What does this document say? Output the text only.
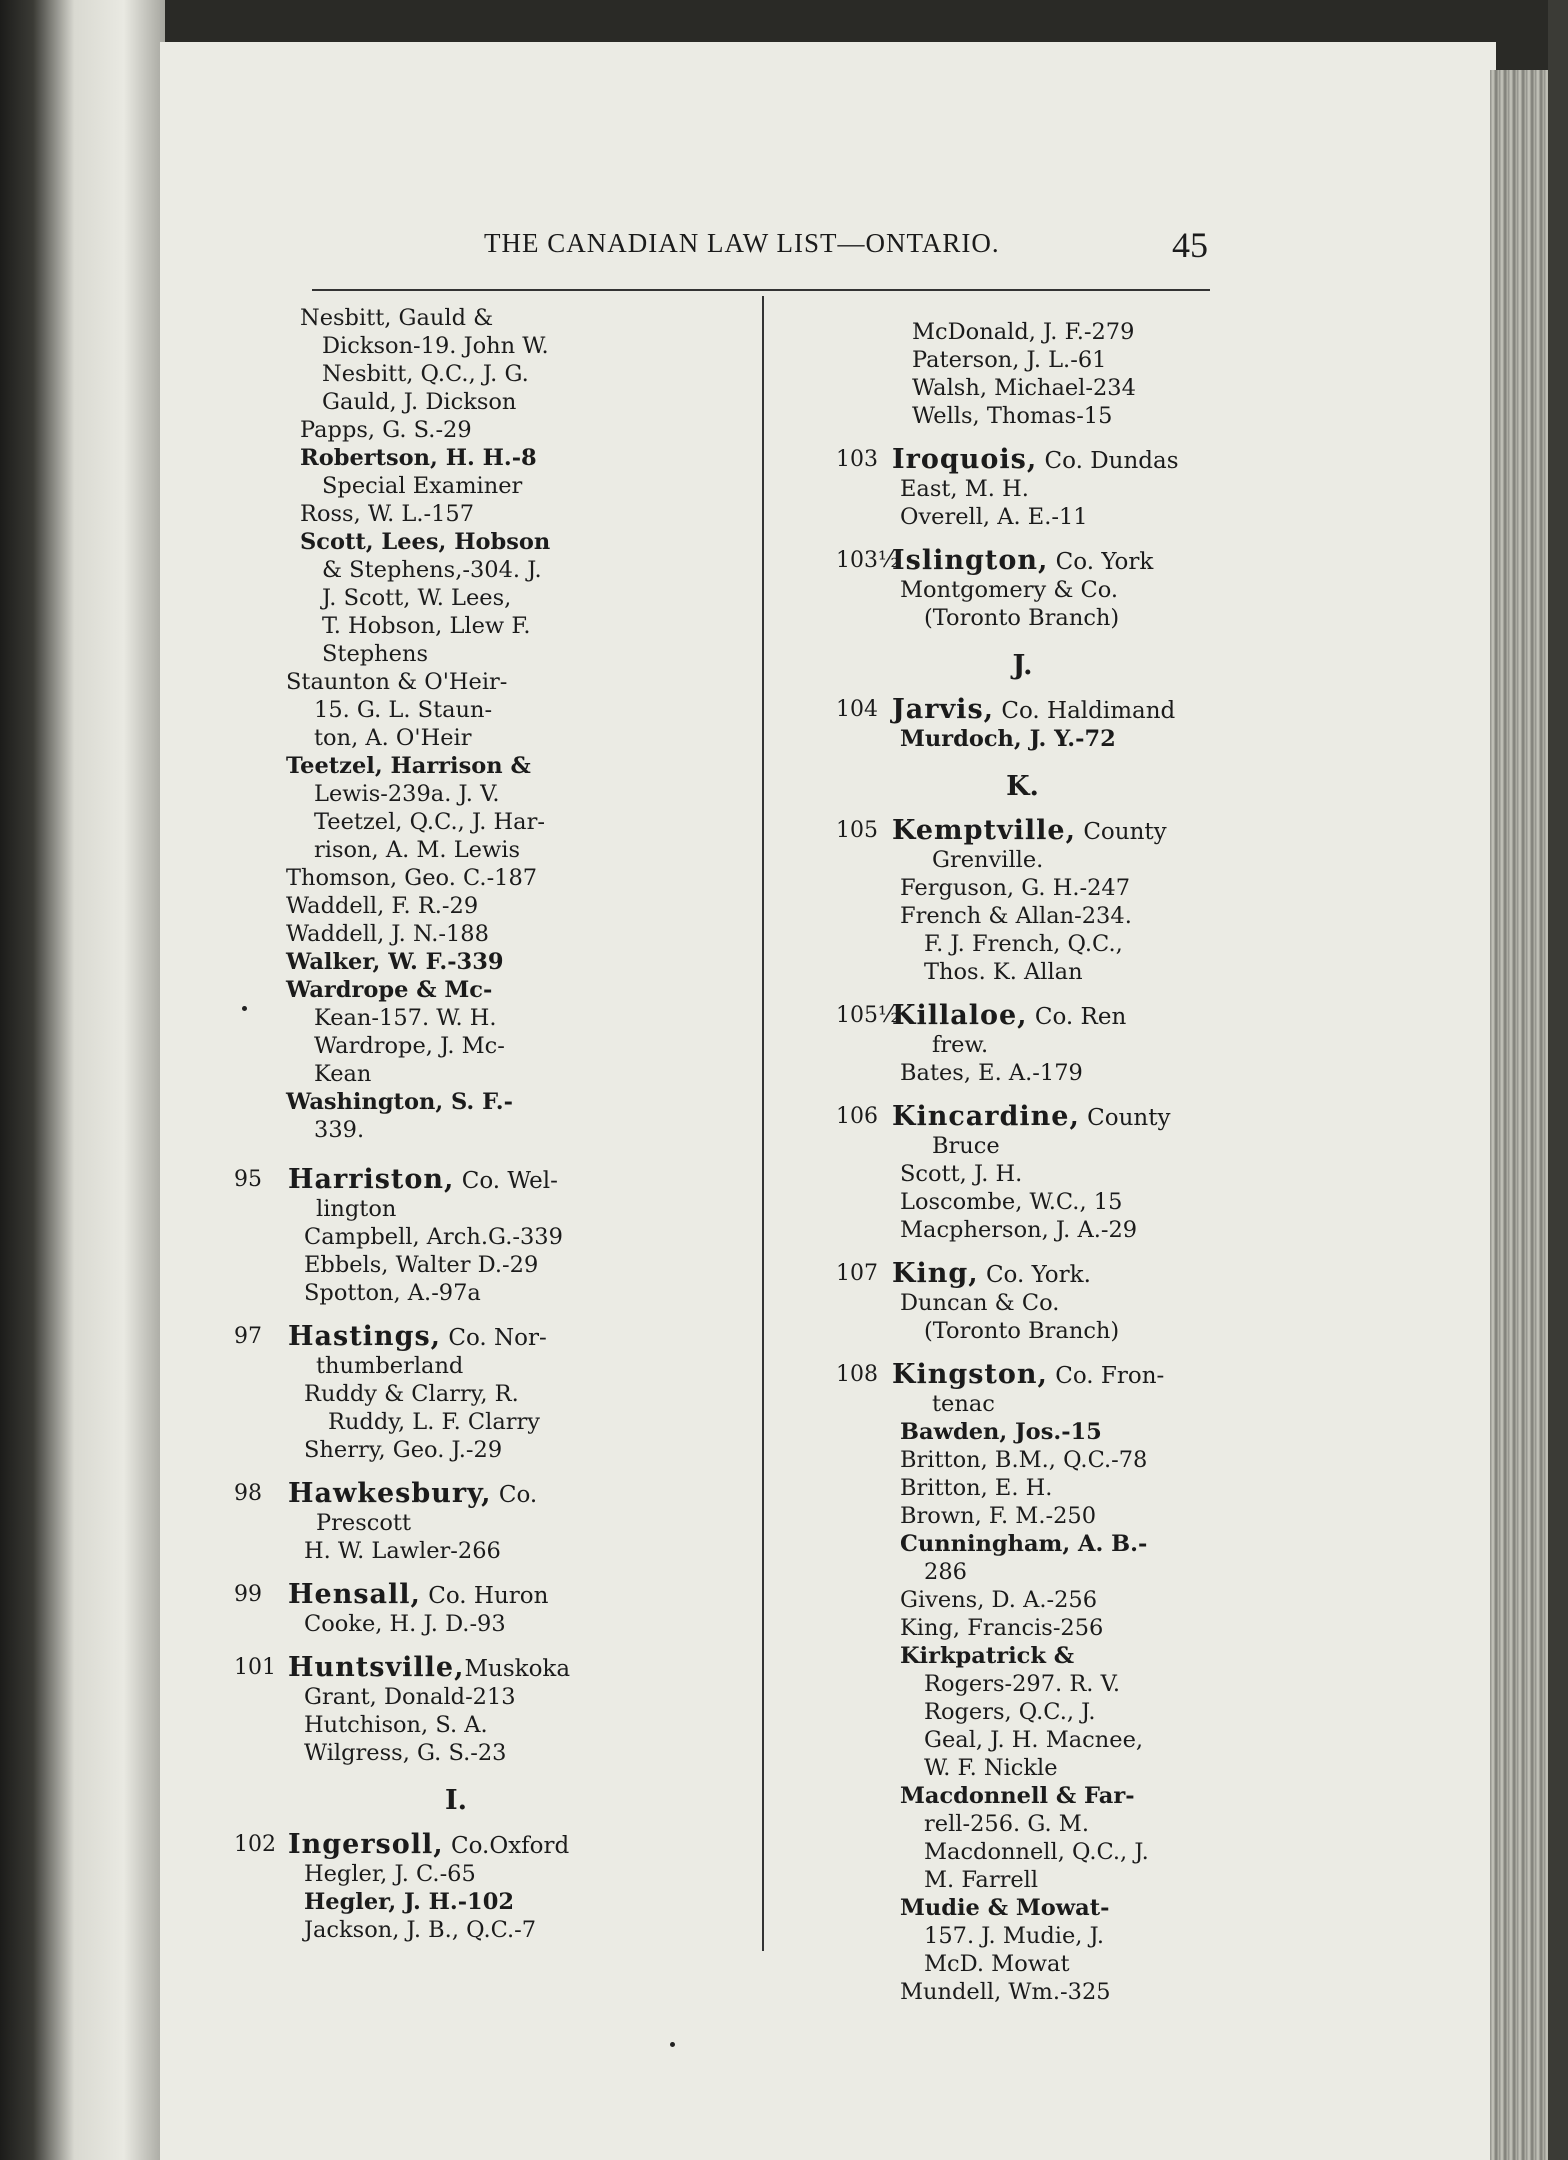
THE CANADIAN LAW LIST—ONTARIO.	45
Nesbitt, Gauld &
Dickson-19. John W.
Nesbitt, Q.C., J. G.
Gauld, J. Dickson
Papps, G. S.-29
Robertson, H. H.-8
Special Examiner
Ross, W. L.-157
Scott, Lees, Hobson
& Stephens,-304. J.
J. Scott, W. Lees,
T. Hobson, Llew F.
Stephens
Staunton & O'Heir-
15. G. L. Staun-
ton, A. O'Heir
Teetzel, Harrison &
Lewis-239a. J. V.
Teetzel, Q.C., J. Har-
rison, A. M. Lewis
Thomson, Geo. C.-187
Waddell, F. R.-29
Waddell, J. N.-188
Walker, W. F.-339
Wardrope & Mc-
Kean-157. W. H.
Wardrope, J. Mc-
Kean
Washington, S. F.-
339.
95 Harriston, Co. Wel-
lington
Campbell, Arch.G.-339
Ebbels, Walter D.-29
Spotton, A.-97a
97 Hastings, Co. Nor-
thumberland
Ruddy & Clarry, R.
Ruddy, L. F. Clarry
Sherry, Geo. J.-29
98 Hawkesbury, Co.
Prescott
H. W. Lawler-266
99 Hensall, Co. Huron
Cooke, H. J. D.-93
101 Huntsville,Muskoka
Grant, Donald-213
Hutchison, S. A.
Wilgress, G. S.-23
I.
102 Ingersoll, Co.Oxford
Hegler, J. C.-65
Hegler, J. H.-102
Jackson, J. B., Q.C.-7
McDonald, J. F.-279
Paterson, J. L.-61
Walsh, Michael-234
Wells, Thomas-15
103 Iroquois, Co. Dundas
East, M. H.
Overell, A. E.-11
103½
Islington, Co. York
Montgomery & Co.
(Toronto Branch)
J.
104 Jarvis, Co. Haldimand
Murdoch, J. Y.-72
K.
105 Kemptville, County
Grenville.
Ferguson, G. H.-247
French & Allan-234.
F. J. French, Q.C.,
Thos. K. Allan
105½
Killaloe, Co. Ren
frew.
Bates, E. A.-179
106 Kincardine, County
Bruce
Scott, J. H.
Loscombe, W.C., 15
Macpherson, J. A.-29
107 King, Co. York.
Duncan & Co.
(Toronto Branch)
108 Kingston, Co. Fron-
tenac
Bawden, Jos.-15
Britton, B.M., Q.C.-78
Britton, E. H.
Brown, F. M.-250
Cunningham, A. B.-
286
Givens, D. A.-256
King, Francis-256
Kirkpatrick &
Rogers-297. R. V.
Rogers, Q.C., J.
Geal, J. H. Macnee,
W. F. Nickle
Macdonnell & Far-
rell-256. G. M.
Macdonnell, Q.C., J.
M. Farrell
Mudie & Mowat-
157. J. Mudie, J.
McD. Mowat
Mundell, Wm.-325
